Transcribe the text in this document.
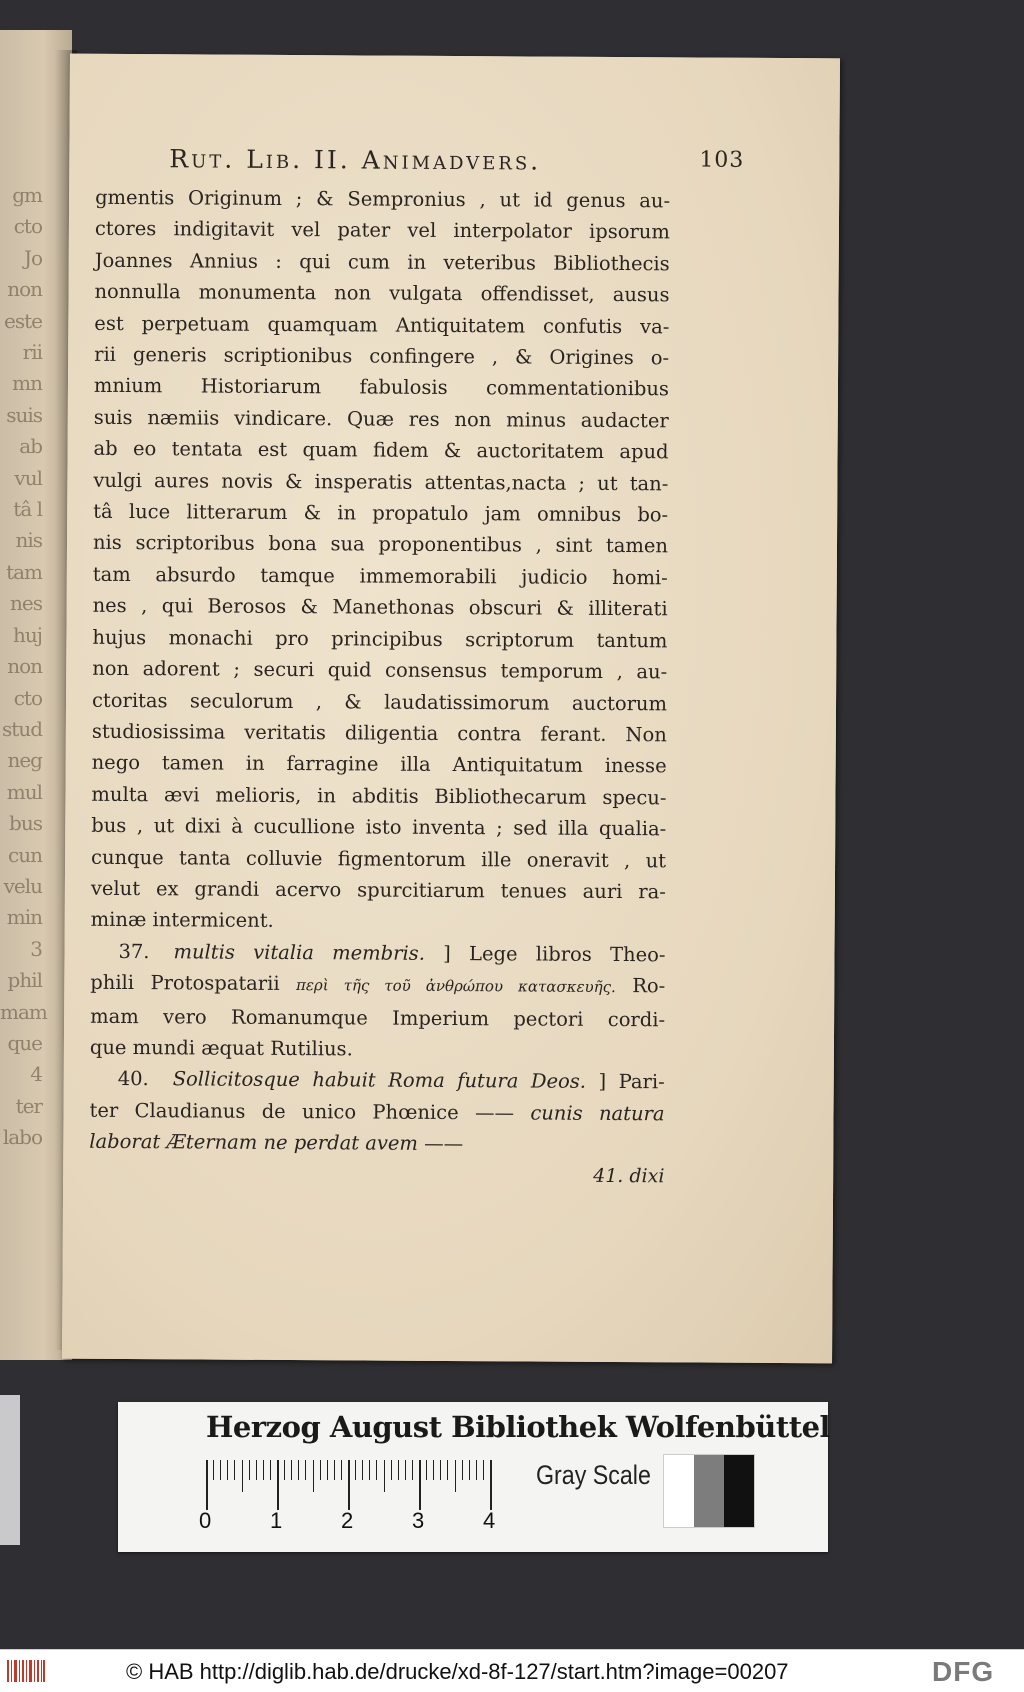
gm
cto
Jo
non
este
rii
mn
suis
ab
vul
tâ l
nis
tam
nes
huj
non
cto
stud
neg
mul
bus
cun
velu
min
3
phil
mam
que
4
ter
labo
Rut. Lib. II. Animadvers.	103
gmentis Originum ; & Sempronius , ut id genus au-
ctores indigitavit vel pater vel interpolator ipsorum
Joannes Annius : qui cum in veteribus Bibliothecis
nonnulla monumenta non vulgata offendisset, ausus
est perpetuam quamquam Antiquitatem confutis va-
rii generis scriptionibus confingere , & Origines o-
mnium Historiarum fabulosis commentationibus
suis næmiis vindicare. Quæ res non minus audacter
ab eo tentata est quam fidem & auctoritatem apud
vulgi aures novis & insperatis attentas,nacta ; ut tan-
tâ luce litterarum & in propatulo jam omnibus bo-
nis scriptoribus bona sua proponentibus , sint tamen
tam absurdo tamque immemorabili judicio homi-
nes , qui Berosos & Manethonas obscuri & illiterati
hujus monachi pro principibus scriptorum tantum
non adorent ; securi quid consensus temporum , au-
ctoritas seculorum , & laudatissimorum auctorum
studiosissima veritatis diligentia contra ferant. Non
nego tamen in farragine illa Antiquitatum inesse
multa ævi melioris, in abditis Bibliothecarum specu-
bus , ut dixi à cucullione isto inventa ; sed illa qualia-
cunque tanta colluvie figmentorum ille oneravit , ut
velut ex grandi acervo spurcitiarum tenues auri ra-
minæ intermicent.
37. multis vitalia membris. ] Lege libros Theo-
phili Protospatarii περὶ τῆς τοῦ ἀνθρώπου κατασκευῆς. Ro-
mam vero Romanumque Imperium pectori cordi-
que mundi æquat Rutilius.
40. Sollicitosque habuit Roma futura Deos. ] Pari-
ter Claudianus de unico Phœnice —— cunis natura
laborat Æternam ne perdat avem ——
41. dixi
Herzog August Bibliothek Wolfenbüttel
0	1	2	3	4
Gray Scale
© HAB http://diglib.hab.de/drucke/xd-8f-127/start.htm?image=00207	DFG
